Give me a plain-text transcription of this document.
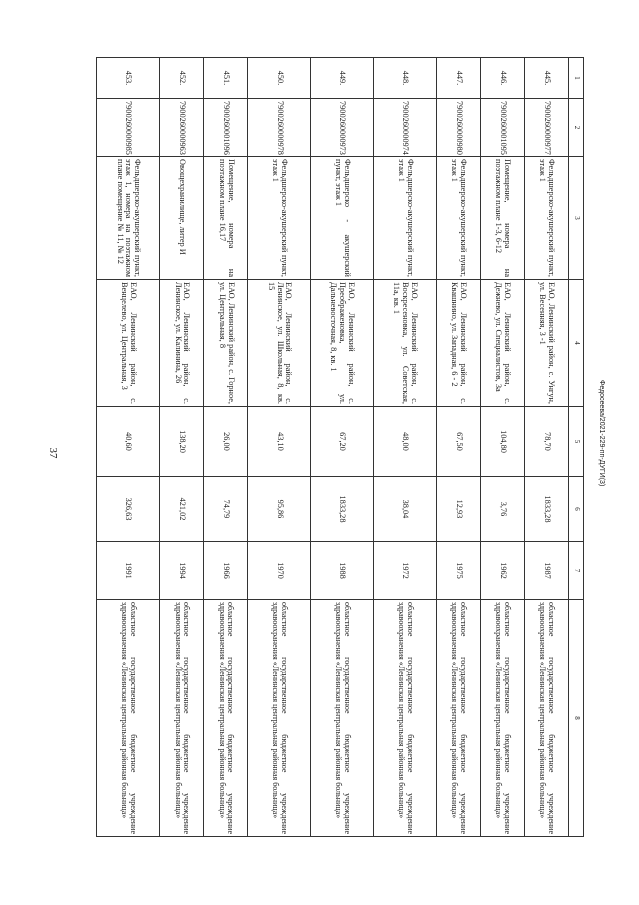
37	Федосеева/2021-229-пп-ДУГИ(3)
1	2	3	4	5	6	7	8
445.	7900260000977	Фельдшерско-акушерский пункт, этаж 1	ЕАО, Ленинский район, с. Унгун, ул. Весенняя, 3 -1	78,70	1833,28	1987	областное государственное бюджетное учреждение здравоохранения «Ленинская центральная районная больница»
446.	7900260001095	Помещение, номера на поэтажном плане 1-3, 6-12	ЕАО, Ленинский район, с. Дежнево, ул. Специалистов, 3а	104,80	3,76	1962	областное государственное бюджетное учреждение здравоохранения «Ленинская центральная районная больница»
447.	7900260000980	Фельдшерско-акушерский пункт, этаж 1	ЕАО, Ленинский район, с. Квашнино, ул. Западная, 6 - 2	67,50	12,93	1975	областное государственное бюджетное учреждение здравоохранения «Ленинская центральная районная больница»
448.	7900260000974	Фельдшерско-акушерский пункт, этаж 1	ЕАО, Ленинский район, с. Воскресеновка, ул. Советская, 11а, кв. 1	48,00	38,04	1972	областное государственное бюджетное учреждение здравоохранения «Ленинская центральная районная больница»
449.	7900260000973	Фельдшерско - акушерский пункт, этаж 1	ЕАО, Ленинский район, с. Преображеновка, ул. Дальневосточная, 8, кв. 1	67,20	1833,28	1988	областное государственное бюджетное учреждение здравоохранения «Ленинская центральная районная больница»
450.	7900260000978	Фельдшерско-акушерский пункт, этаж 1	ЕАО, Ленинский район, с. Ленинское, ул. Школьная, 8, кв. 15	43,10	95,86	1970	областное государственное бюджетное учреждение здравоохранения «Ленинская центральная районная больница»
451.	7900260001096	Помещение, номера на поэтажном плане 16,17	ЕАО, Ленинский район, с. Горное, ул. Центральная, 8	26,00	74,79	1966	областное государственное бюджетное учреждение здравоохранения «Ленинская центральная районная больница»
452.	7900260000963	Овощехранилище, литер И	ЕАО, Ленинский район, с. Ленинское, ул. Калинина, 26	138,20	421,02	1994	областное государственное бюджетное учреждение здравоохранения «Ленинская центральная районная больница»
453.	7900260000985	Фельдшерско-акушерский пункт, этаж 1, номера на поэтажном плане помещение № 11, № 12	ЕАО, Ленинский район, с. Венцелево, ул. Центральная, 3	40,60	326,63	1991	областное государственное бюджетное учреждение здравоохранения «Ленинская центральная районная больница»
